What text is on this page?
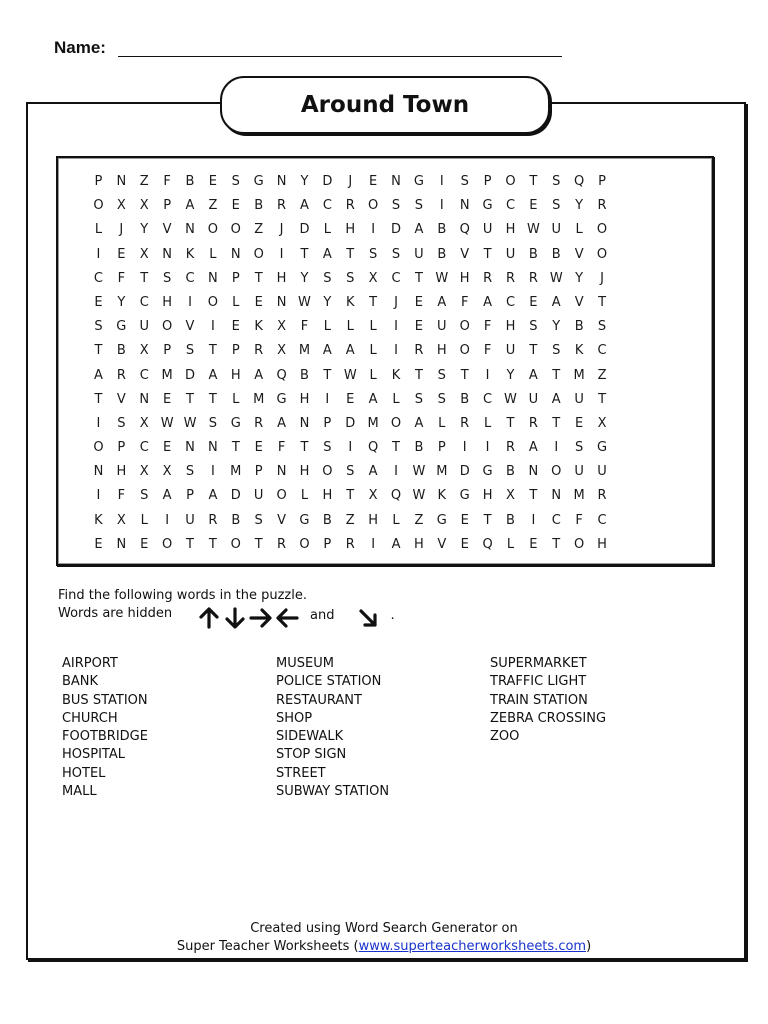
Name:
Around Town
P	N	Z	F	B	E	S	G N	Y	D	J	E	N G	I	S	P	O	T	S	Q	P
O	X	X	P	A	Z	E	B	R	A	C	R	O	S	S	I	N G	C	E	S	Y	R
L	J	Y	V	N O O	Z	J	D	L	H	I	D	A	B	Q	U	H W U	L	O
I	E	X	N	K	L	N O	I	T	A	T	S	S	U	B	V	T	U	B	B	V	O
C	F	T	S	C	N	P	T	H	Y	S	S	X	C	T W H	R	R	R W Y	J
E	Y	C	H	I	O	L	E	N W Y	K	T	J	E	A	F	A	C	E	A	V	T
S	G	U	O	V	I	E	K	X	F	L	L	L	I	E	U	O	F	H	S	Y	B	S
T	B	X	P	S	T	P	R	X M A	A	L	I	R	H O	F	U	T	S	K	C
A	R	C M D	A	H	A	Q	B	T W L	K	T	S	T	I	Y	A	T	M Z
T	V	N	E	T	T	L	M G H	I	E	A	L	S	S	B	C W U	A	U	T
I	S	X W W S	G	R	A	N	P	D M O	A	L	R	L	T	R	T	E	X
O	P	C	E	N	N	T	E	F	T	S	I	Q	T	B	P	I	I	R	A	I	S	G
N	H	X	X	S	I	M	P	N	H O	S	A	I	W M D G	B	N O	U	U
I	F	S	A	P	A	D	U	O	L	H	T	X	Q W K	G H	X	T	N M R
K	X	L	I	U	R	B	S	V	G	B	Z	H	L	Z	G	E	T	B	I	C	F	C
E	N	E	O	T	T	O	T	R	O	P	R	I	A	H	V	E	Q	L	E	T	O H
Find the following words in the puzzle.
Words are hidden	and	.
AIRPORT
BANK
BUS STATION
CHURCH
FOOTBRIDGE
HOSPITAL
HOTEL
MALL
MUSEUM
POLICE STATION
RESTAURANT
SHOP
SIDEWALK
STOP SIGN
STREET
SUBWAY STATION
SUPERMARKET
TRAFFIC LIGHT
TRAIN STATION
ZEBRA CROSSING
ZOO
Created using Word Search Generator on
Super Teacher Worksheets (www.superteacherworksheets.com)
